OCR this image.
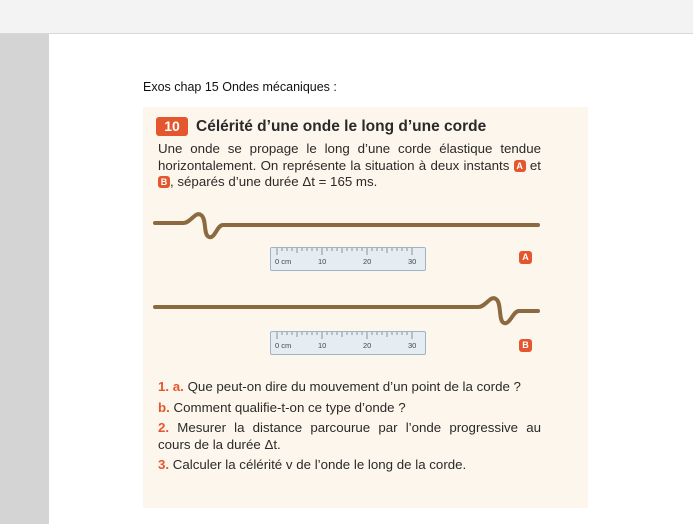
Exos chap 15 Ondes mécaniques :
10	Célérité d’une onde le long d’une corde
Une onde se propage le long d’une corde élastique tendue horizontalement. On représente la situation à deux instants A et B , séparés d’une durée Δt = 165 ms.
0 cm	10	20	30	A
0 cm	10	20	30	B

1. a. Que peut-on dire du mouvement d’un point de la corde ?

b. Comment qualifie-t-on ce type d’onde ?

2. Mesurer la distance parcourue par l’onde progressive au cours de la durée Δt.

3. Calculer la célérité v de l’onde le long de la corde.
